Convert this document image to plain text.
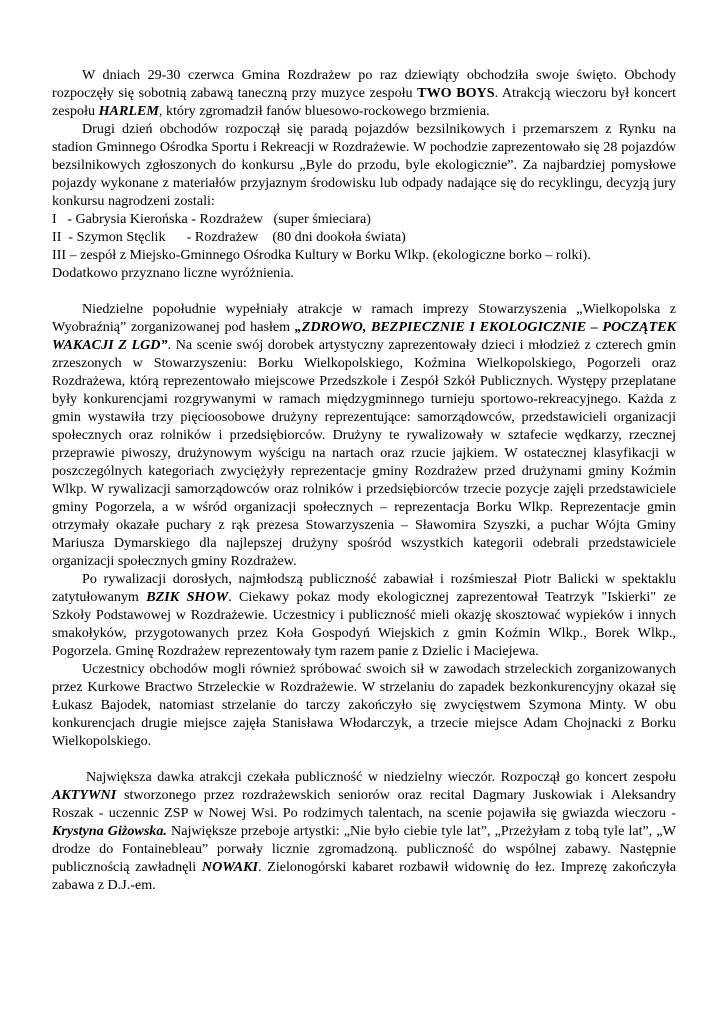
W dniach 29-30 czerwca Gmina Rozdrażew po raz dziewiąty obchodziła swoje święto. Obchody rozpoczęły się sobotnią zabawą taneczną przy muzyce zespołu TWO BOYS. Atrakcją wieczoru był koncert zespołu HARLEM, który zgromadził fanów bluesowo-rockowego brzmienia.

Drugi dzień obchodów rozpoczął się paradą pojazdów bezsilnikowych i przemarszem z Rynku na stadion Gminnego Ośrodka Sportu i Rekreacji w Rozdrażewie. W pochodzie zaprezentowało się 28 pojazdów bezsilnikowych zgłoszonych do konkursu „Byle do przodu, byle ekologicznie”. Za najbardziej pomysłowe pojazdy wykonane z materiałów przyjaznym środowisku lub odpady nadające się do recyklingu, decyzją jury konkursu nagrodzeni zostali:

I   - Gabrysia Kierońska - Rozdrażew   (super śmieciara)
II  - Szymon Stęclik      - Rozdrażew    (80 dni dookoła świata)
III – zespół z Miejsko-Gminnego Ośrodka Kultury w Borku Wlkp. (ekologiczne borko – rolki).
Dodatkowo przyznano liczne wyróżnienia.

Niedzielne popołudnie wypełniały atrakcje w ramach imprezy Stowarzyszenia „Wielkopolska z Wyobraźnią” zorganizowanej pod hasłem „ZDROWO, BEZPIECZNIE I EKOLOGICZNIE – POCZĄTEK WAKACJI Z LGD”. Na scenie swój dorobek artystyczny zaprezentowały dzieci i młodzież z czterech gmin zrzeszonych w Stowarzyszeniu: Borku Wielkopolskiego, Koźmina Wielkopolskiego, Pogorzeli oraz Rozdrażewa, którą reprezentowało miejscowe Przedszkole i Zespół Szkół Publicznych. Występy przeplatane były konkurencjami rozgrywanymi w ramach międzygminnego turnieju sportowo-rekreacyjnego. Każda z gmin wystawiła trzy pięcioosobowe drużyny reprezentujące: samorządowców, przedstawicieli organizacji społecznych oraz rolników i przedsiębiorców. Drużyny te rywalizowały w sztafecie wędkarzy, rzecznej przeprawie piwoszy, drużynowym wyścigu na nartach oraz rzucie jajkiem. W ostatecznej klasyfikacji w poszczególnych kategoriach zwyciężyły reprezentacje gminy Rozdrażew przed drużynami gminy Koźmin Wlkp. W rywalizacji samorządowców oraz rolników i przedsiębiorców trzecie pozycje zajęli przedstawiciele gminy Pogorzela, a w wśród organizacji społecznych – reprezentacja Borku Wlkp. Reprezentacje gmin otrzymały okazałe puchary z rąk prezesa Stowarzyszenia – Sławomira Szyszki, a puchar Wójta Gminy Mariusza Dymarskiego dla najlepszej drużyny spośród wszystkich kategorii odebrali przedstawiciele organizacji społecznych gminy Rozdrażew.

Po rywalizacji dorosłych, najmłodszą publiczność zabawiał i rozśmieszał Piotr Balicki w spektaklu zatytułowanym BZIK SHOW. Ciekawy pokaz mody ekologicznej zaprezentował Teatrzyk "Iskierki" ze Szkoły Podstawowej w Rozdrażewie. Uczestnicy i publiczność mieli okazję skosztować wypieków i innych smakołyków, przygotowanych przez Koła Gospodyń Wiejskich z gmin Koźmin Wlkp., Borek Wlkp., Pogorzela. Gminę Rozdrażew reprezentowały tym razem panie z Dzielic i Maciejewa.

Uczestnicy obchodów mogli również spróbować swoich sił w zawodach strzeleckich zorganizowanych przez Kurkowe Bractwo Strzeleckie w Rozdrażewie. W strzelaniu do zapadek bezkonkurencyjny okazał się Łukasz Bajodek, natomiast strzelanie do tarczy zakończyło się zwycięstwem Szymona Minty. W obu konkurencjach drugie miejsce zajęła Stanisława Włodarczyk, a trzecie miejsce Adam Chojnacki z Borku Wielkopolskiego.

Największa dawka atrakcji czekała publiczność w niedzielny wieczór. Rozpoczął go koncert zespołu AKTYWNI stworzonego przez rozdrażewskich seniorów oraz recital Dagmary Juskowiak i Aleksandry Roszak - uczennic ZSP w Nowej Wsi. Po rodzimych talentach, na scenie pojawiła się gwiazda wieczoru - Krystyna Giżowska. Największe przeboje artystki: „Nie było ciebie tyle lat”, „Przeżyłam z tobą tyle lat”, „W drodze do Fontainebleau” porwały licznie zgromadzoną. publiczność do wspólnej zabawy. Następnie publicznością zawładnęli NOWAKI. Zielonogórski kabaret rozbawił widownię do łez. Imprezę zakończyła zabawa z D.J.-em.
